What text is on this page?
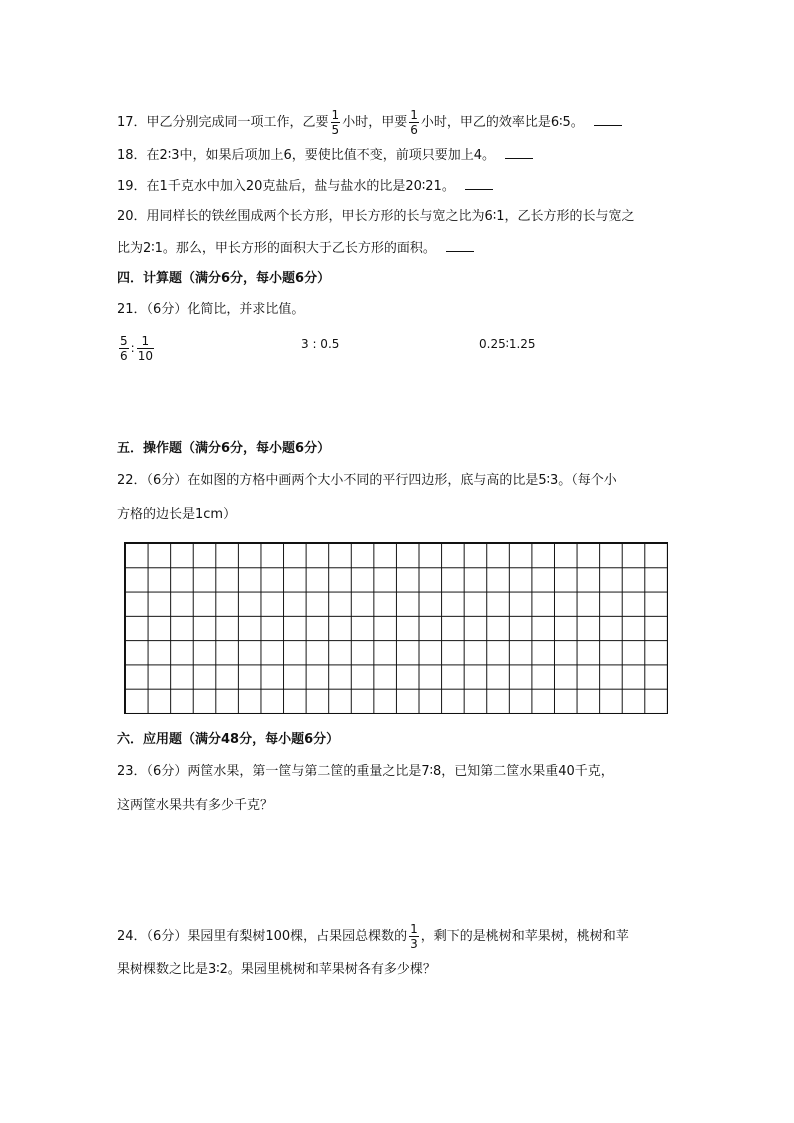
17．甲乙分别完成同一项工作，乙要 $\frac{1}{5}$ 小时，甲要 $\frac{1}{6}$ 小时，甲乙的效率比是6∶5。
18．在2∶3中，如果后项加上6，要使比值不变，前项只要加上4。
19．在1千克水中加入20克盐后，盐与盐水的比是20∶21。
20．用同样长的铁丝围成两个长方形，甲长方形的长与宽之比为6∶1，乙长方形的长与宽之
比为2∶1。那么，甲长方形的面积大于乙长方形的面积。
四．计算题（满分6分，每小题6分）
21．（6分）化简比，并求比值。
$\frac{5}{6}$ : $\frac{1}{10}$	3 : 0.5	0.25∶1.25
五．操作题（满分6分，每小题6分）
22．（6分）在如图的方格中画两个大小不同的平行四边形，底与高的比是5∶3。（每个小
方格的边长是1cm）
六．应用题（满分48分，每小题6分）
23．（6分）两筐水果，第一筐与第二筐的重量之比是7∶8，已知第二筐水果重40千克，
这两筐水果共有多少千克？
24．（6分）果园里有梨树100棵，占果园总棵数的 $\frac{1}{3}$ ，剩下的是桃树和苹果树，桃树和苹
果树棵数之比是3∶2。果园里桃树和苹果树各有多少棵？
